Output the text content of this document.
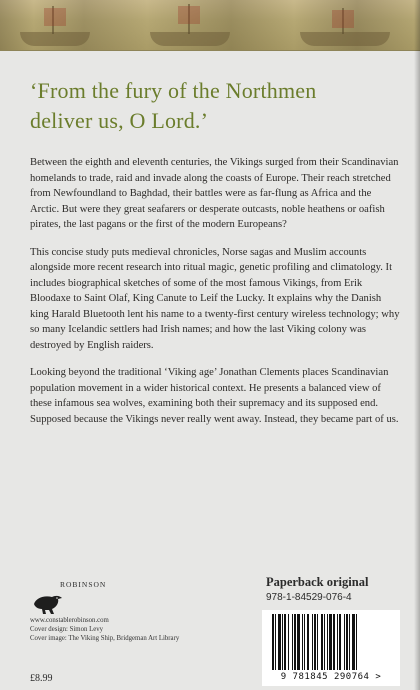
‘From the fury of the Northmen
deliver us, O Lord.’

Between the eighth and eleventh centuries, the Vikings surged from their Scandinavian homelands to trade, raid and invade along the coasts of Europe. Their reach stretched from Newfoundland to Baghdad, their battles were as far-flung as Africa and the Arctic. But were they great seafarers or desperate outcasts, noble heathens or oafish pirates, the last pagans or the first of the modern Europeans?

This concise study puts medieval chronicles, Norse sagas and Muslim accounts alongside more recent research into ritual magic, genetic profiling and climatology. It includes biographical sketches of some of the most famous Vikings, from Erik Bloodaxe to Saint Olaf, King Canute to Leif the Lucky. It explains why the Danish king Harald Bluetooth lent his name to a twenty-first century wireless technology; why so many Icelandic settlers had Irish names; and how the last Viking colony was destroyed by English raiders.

Looking beyond the traditional ‘Viking age’ Jonathan Clements places Scandinavian population movement in a wider historical context. He presents a balanced view of these infamous sea wolves, examining both their supremacy and its supposed end. Supposed because the Vikings never really went away. Instead, they became part of us.

ROBINSON
www.constablerobinson.com
Cover design: Simon Levy
Cover image: The Viking Ship, Bridgeman Art Library
£8.99
Paperback original
978-1-84529-076-4
9 781845 290764 >
